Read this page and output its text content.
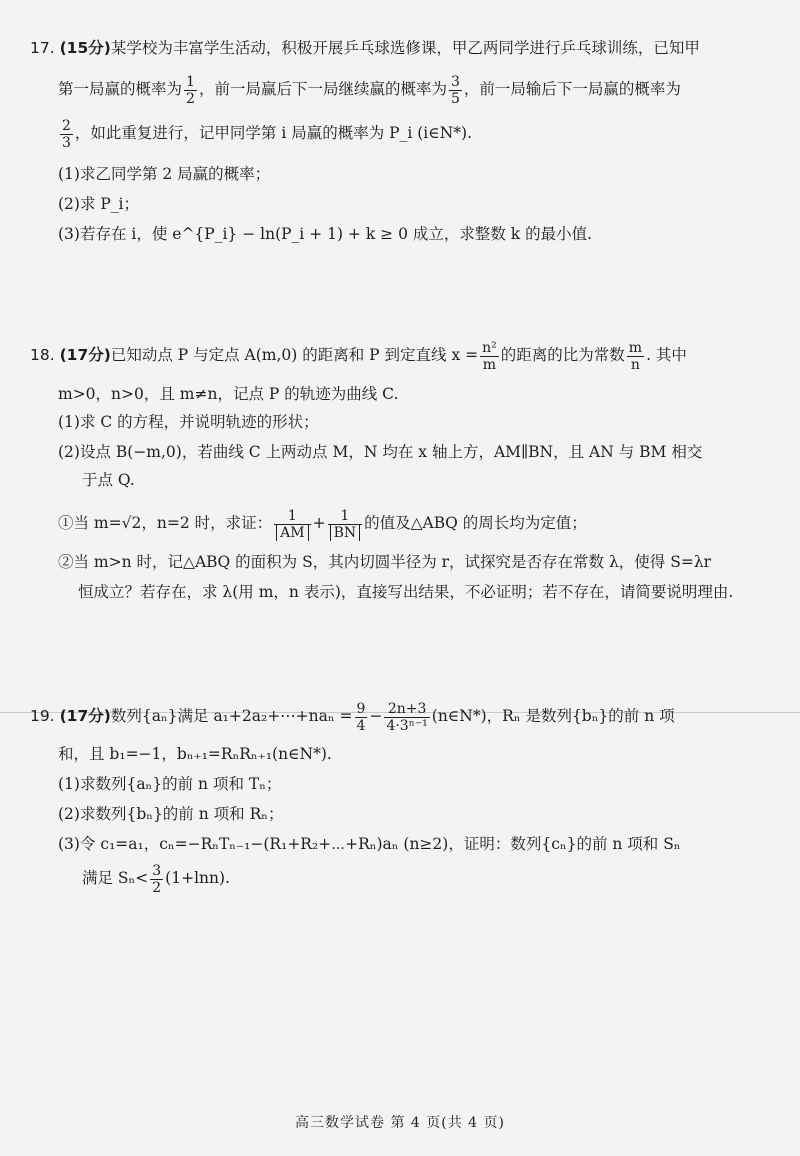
17. (15分)某学校为丰富学生活动，积极开展乒乓球选修课，甲乙两同学进行乒乓球训练，已知甲
第一局赢的概率为 $\frac{1}{2}$ ，前一局赢后下一局继续赢的概率为 $\frac{3}{5}$ ，前一局输后下一局赢的概率为
$\frac{2}{3}$ ，如此重复进行，记甲同学第 i 局赢的概率为 P_i (i∈N*).
(1)求乙同学第 2 局赢的概率；
(2)求 P_i；
(3)若存在 i，使 e^{P_i} − ln(P_i + 1) + k ≥ 0 成立，求整数 k 的最小值.
18. (17分)已知动点 P 与定点 A(m,0) 的距离和 P 到定直线 $x = \frac{\text{n²}}{m}$ 的距离的比为常数 $\frac{m}{n}$ . 其中
m>0，n>0，且 m≠n，记点 P 的轨迹为曲线 C.
(1)求 C 的方程，并说明轨迹的形状；
(2)设点 B(−m,0)，若曲线 C 上两动点 M，N 均在 x 轴上方，AM∥BN，且 AN 与 BM 相交
于点 Q.
①当 m=√2，n=2 时，求证： $\frac{1}{AM} + \frac{1}{BN}$ 的值及△ABQ 的周长均为定值；
②当 m>n 时，记△ABQ 的面积为 S，其内切圆半径为 r，试探究是否存在常数 λ，使得 S=λr
恒成立？若存在，求 λ(用 m，n 表示)，直接写出结果，不必证明；若不存在，请简要说明理由.
19. (17分)数列{aₙ}满足 a₁+2a₂+⋯+naₙ = $\frac{9}{4} - \frac{2n+3}{\text{4·3ⁿ⁻¹}}$ (n∈N*)，Rₙ 是数列{bₙ}的前 n 项
和，且 b₁=−1，bₙ₊₁=RₙRₙ₊₁(n∈N*).
(1)求数列{aₙ}的前 n 项和 Tₙ；
(2)求数列{bₙ}的前 n 项和 Rₙ；
(3)令 c₁=a₁，cₙ=−RₙTₙ₋₁−(R₁+R₂+⋯+Rₙ)aₙ (n≥2)，证明：数列{cₙ}的前 n 项和 Sₙ
满足 $S_n< \frac{3}{2} (1+\ln n)$.
高三数学试卷 第 4 页(共 4 页)
